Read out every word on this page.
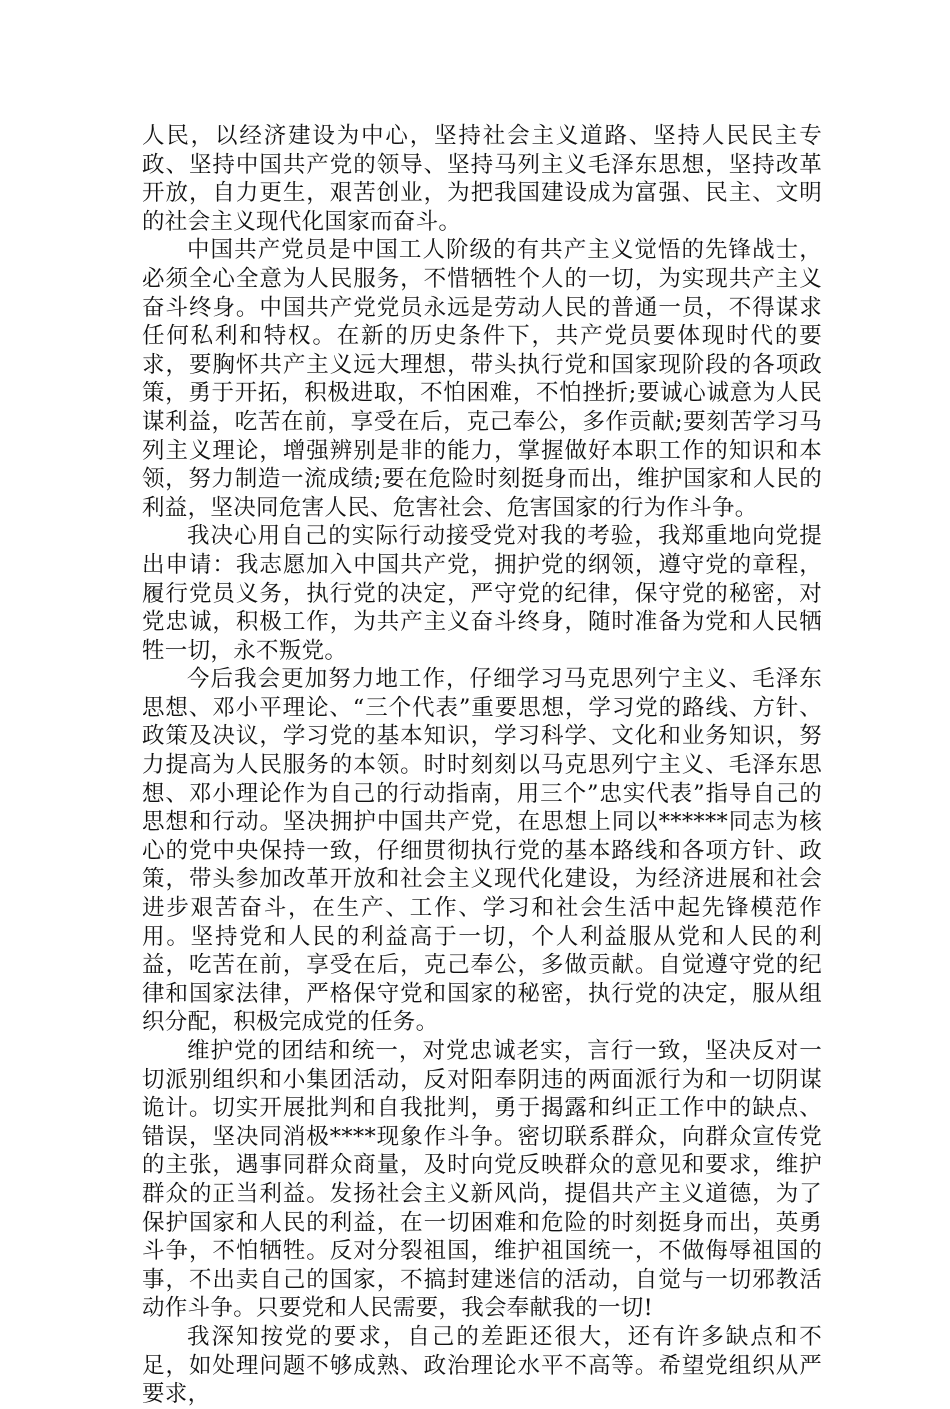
人民，以经济建设为中心，坚持社会主义道路、坚持人民民主专政、坚持中国共产党的领导、坚持马列主义毛泽东思想，坚持改革开放，自力更生，艰苦创业，为把我国建设成为富强、民主、文明的社会主义现代化国家而奋斗。

中国共产党员是中国工人阶级的有共产主义觉悟的先锋战士，必须全心全意为人民服务，不惜牺牲个人的一切，为实现共产主义奋斗终身。中国共产党党员永远是劳动人民的普通一员，不得谋求任何私利和特权。在新的历史条件下，共产党员要体现时代的要求，要胸怀共产主义远大理想，带头执行党和国家现阶段的各项政策，勇于开拓，积极进取，不怕困难，不怕挫折;要诚心诚意为人民谋利益，吃苦在前，享受在后，克己奉公，多作贡献;要刻苦学习马列主义理论，增强辨别是非的能力，掌握做好本职工作的知识和本领，努力制造一流成绩;要在危险时刻挺身而出，维护国家和人民的利益，坚决同危害人民、危害社会、危害国家的行为作斗争。

我决心用自己的实际行动接受党对我的考验，我郑重地向党提出申请：我志愿加入中国共产党，拥护党的纲领，遵守党的章程，履行党员义务，执行党的决定，严守党的纪律，保守党的秘密，对党忠诚，积极工作，为共产主义奋斗终身，随时准备为党和人民牺牲一切，永不叛党。

今后我会更加努力地工作，仔细学习马克思列宁主义、毛泽东思想、邓小平理论、“三个代表”重要思想，学习党的路线、方针、政策及决议，学习党的基本知识，学习科学、文化和业务知识，努力提高为人民服务的本领。时时刻刻以马克思列宁主义、毛泽东思想、邓小理论作为自己的行动指南，用三个”忠实代表”指导自己的思想和行动。坚决拥护中国共产党，在思想上同以******同志为核心的党中央保持一致，仔细贯彻执行党的基本路线和各项方针、政策，带头参加改革开放和社会主义现代化建设，为经济进展和社会进步艰苦奋斗，在生产、工作、学习和社会生活中起先锋模范作用。坚持党和人民的利益高于一切，个人利益服从党和人民的利益，吃苦在前，享受在后，克己奉公，多做贡献。自觉遵守党的纪律和国家法律，严格保守党和国家的秘密，执行党的决定，服从组织分配，积极完成党的任务。

维护党的团结和统一，对党忠诚老实，言行一致，坚决反对一切派别组织和小集团活动，反对阳奉阴违的两面派行为和一切阴谋诡计。切实开展批判和自我批判，勇于揭露和纠正工作中的缺点、错误，坚决同消极****现象作斗争。密切联系群众，向群众宣传党的主张，遇事同群众商量，及时向党反映群众的意见和要求，维护群众的正当利益。发扬社会主义新风尚，提倡共产主义道德，为了保护国家和人民的利益，在一切困难和危险的时刻挺身而出，英勇斗争，不怕牺牲。反对分裂祖国，维护祖国统一，不做侮辱祖国的事，不出卖自己的国家，不搞封建迷信的活动，自觉与一切邪教活动作斗争。只要党和人民需要，我会奉献我的一切!

我深知按党的要求，自己的差距还很大，还有许多缺点和不足，如处理问题不够成熟、政治理论水平不高等。希望党组织从严要求，
